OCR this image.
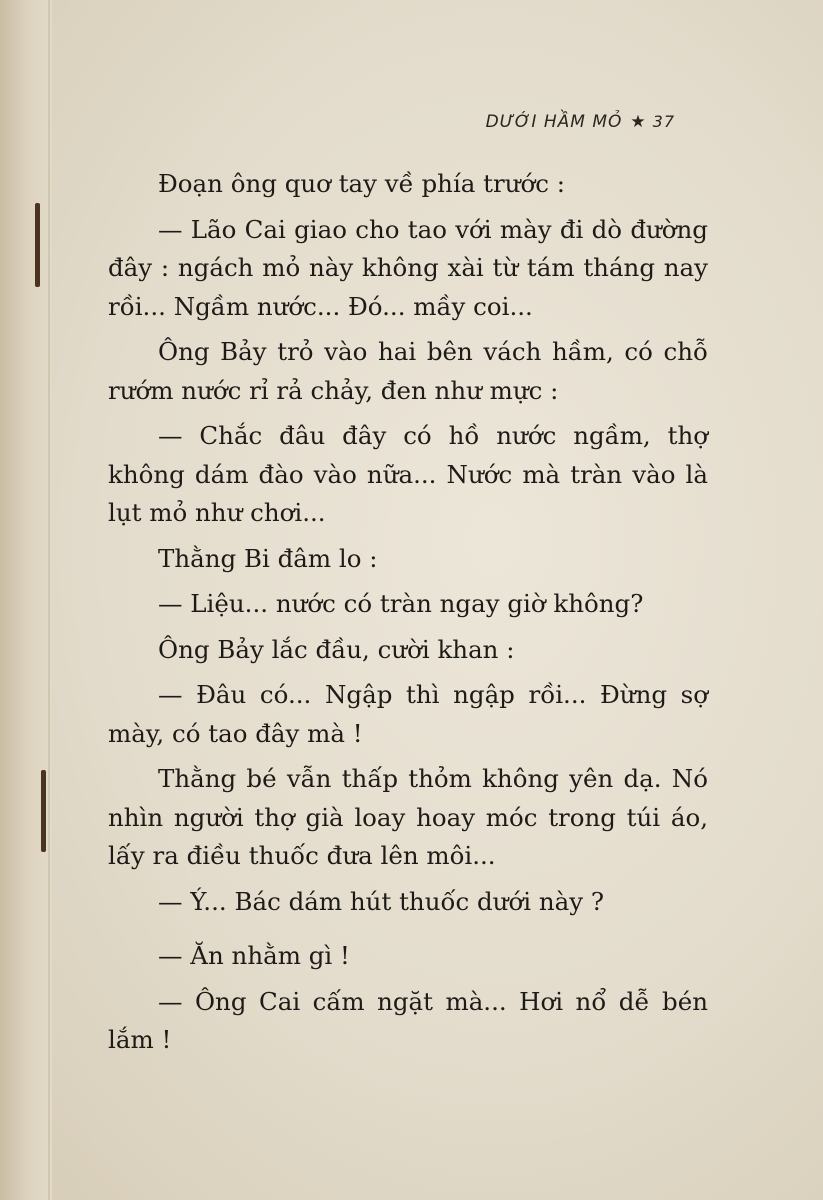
DƯỚI HẦM MỎ ★ 37

Đoạn ông quơ tay về phía trước :

— Lão Cai giao cho tao với mày đi dò đường đây : ngách mỏ này không xài từ tám tháng nay rồi... Ngầm nước... Đó... mầy coi...

Ông Bảy trỏ vào hai bên vách hầm, có chỗ rướm nước rỉ rả chảy, đen như mực :

— Chắc đâu đây có hồ nước ngầm, thợ không dám đào vào nữa... Nước mà tràn vào là lụt mỏ như chơi...

Thằng Bi đâm lo :

— Liệu... nước có tràn ngay giờ không?

Ông Bảy lắc đầu, cười khan :

— Đâu có... Ngập thì ngập rồi... Đừng sợ mày, có tao đây mà !

Thằng bé vẫn thấp thỏm không yên dạ. Nó nhìn người thợ già loay hoay móc trong túi áo, lấy ra điều thuốc đưa lên môi...

— Ý... Bác dám hút thuốc dưới này ?

— Ăn nhằm gì !

— Ông Cai cấm ngặt mà... Hơi nổ dễ bén lắm !
